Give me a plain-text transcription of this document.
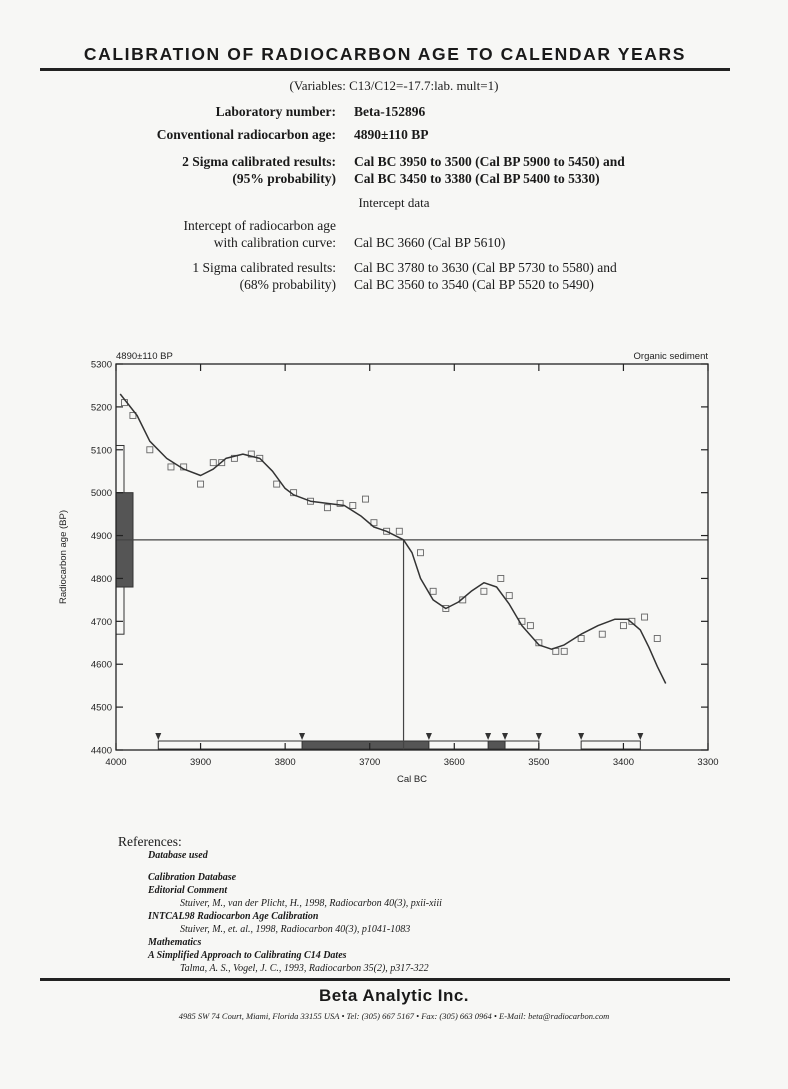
CALIBRATION OF RADIOCARBON AGE TO CALENDAR YEARS
(Variables: C13/C12=-17.7:lab. mult=1)
Laboratory number: Beta-152896
Conventional radiocarbon age: 4890±110 BP
2 Sigma calibrated results:
(95% probability)
Cal BC 3950 to 3500 (Cal BP 5900 to 5450) and
Cal BC 3450 to 3380 (Cal BP 5400 to 5330)
Intercept data
Intercept of radiocarbon age
with calibration curve: Cal BC 3660 (Cal BP 5610)
1 Sigma calibrated results:
(68% probability)
Cal BC 3780 to 3630 (Cal BP 5730 to 5580) and
Cal BC 3560 to 3540 (Cal BP 5520 to 5490)
4000	3900	3800	3700	3600	3500	3400	3300
4400
4500
4600
4700
4800
4900
5000
5100
5200
5300
4890±110 BP	Organic sediment
Cal BC
Radiocarbon age (BP)
References:
Database used
Calibration Database
Editorial Comment
Stuiver, M., van der Plicht, H., 1998, Radiocarbon 40(3), pxii-xiii
INTCAL98 Radiocarbon Age Calibration
Stuiver, M., et. al., 1998, Radiocarbon 40(3), p1041-1083
Mathematics
A Simplified Approach to Calibrating C14 Dates
Talma, A. S., Vogel, J. C., 1993, Radiocarbon 35(2), p317-322
Beta Analytic Inc.
4985 SW 74 Court, Miami, Florida 33155 USA • Tel: (305) 667 5167 • Fax: (305) 663 0964 • E-Mail: beta@radiocarbon.com
